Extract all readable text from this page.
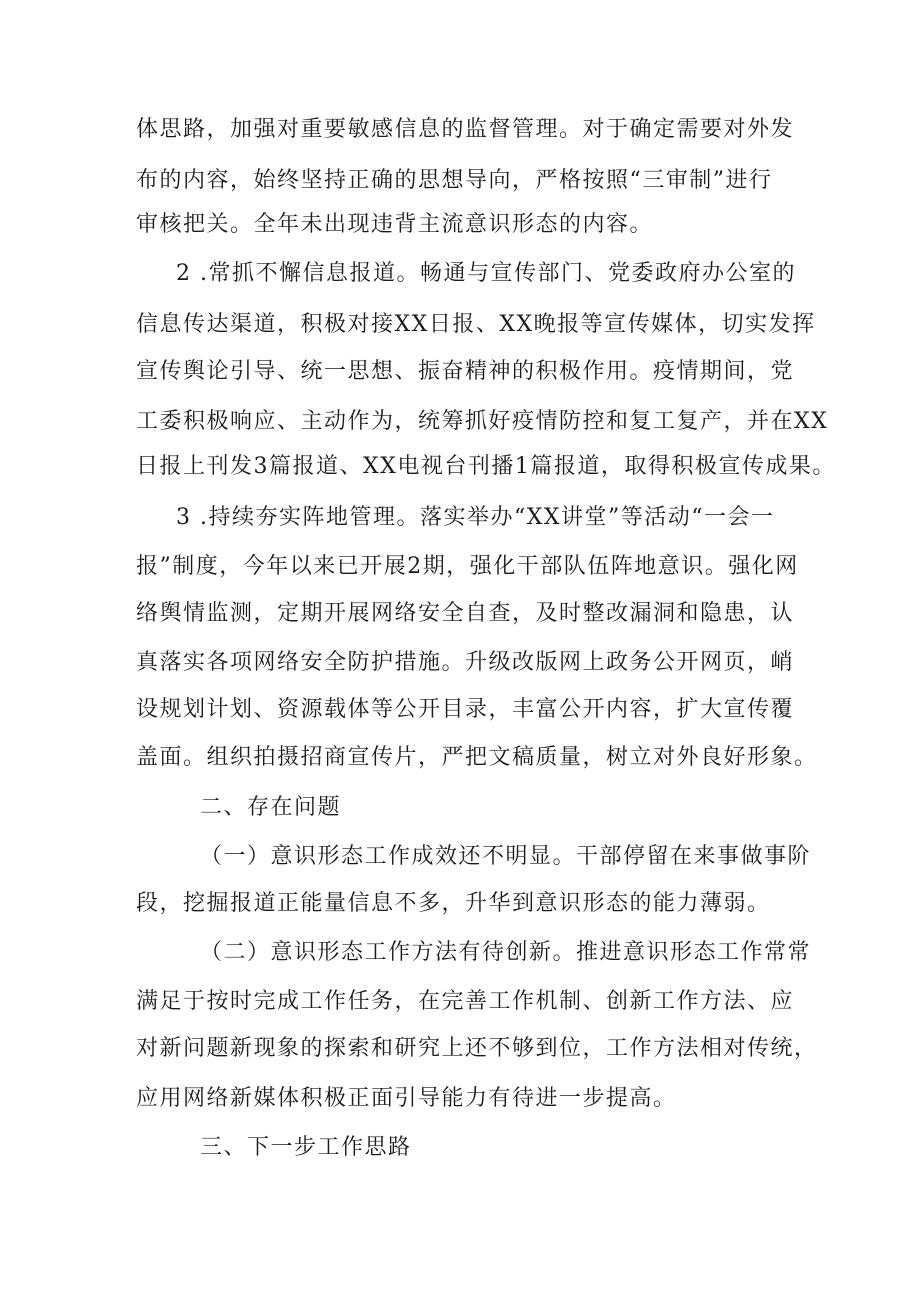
体思路，加强对重要敏感信息的监督管理。对于确定需要对外发
布的内容，始终坚持正确的思想导向，严格按照“三审制”进行
审核把关。全年未出现违背主流意识形态的内容。
2 .常抓不懈信息报道。畅通与宣传部门、党委政府办公室的
信息传达渠道，积极对接XX日报、XX晚报等宣传媒体，切实发挥
宣传舆论引导、统一思想、振奋精神的积极作用。疫情期间，党
工委积极响应、主动作为，统筹抓好疫情防控和复工复产，并在XX
日报上刊发3篇报道、XX电视台刊播1篇报道，取得积极宣传成果。
3 .持续夯实阵地管理。落实举办“XX讲堂”等活动“一会一
报”制度，今年以来已开展2期，强化干部队伍阵地意识。强化网
络舆情监测，定期开展网络安全自查，及时整改漏洞和隐患，认
真落实各项网络安全防护措施。升级改版网上政务公开网页，峭
设规划计划、资源载体等公开目录，丰富公开内容，扩大宣传覆
盖面。组织拍摄招商宣传片，严把文稿质量，树立对外良好形象。
二、存在问题
（一）意识形态工作成效还不明显。干部停留在来事做事阶
段，挖掘报道正能量信息不多，升华到意识形态的能力薄弱。
（二）意识形态工作方法有待创新。推进意识形态工作常常
满足于按时完成工作任务，在完善工作机制、创新工作方法、应
对新问题新现象的探索和研究上还不够到位，工作方法相对传统，
应用网络新媒体积极正面引导能力有待进一步提高。
三、下一步工作思路
